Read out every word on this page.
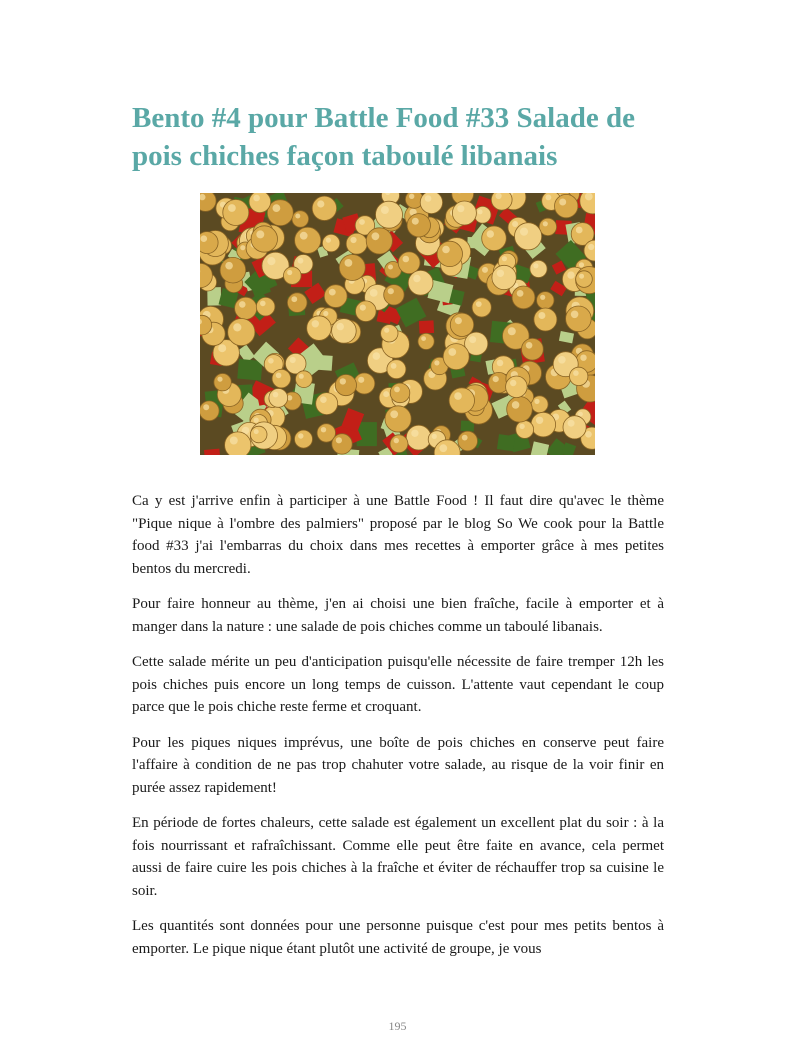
Bento #4 pour Battle Food #33 Salade de pois chiches façon taboulé libanais

Ca y est j'arrive enfin à participer à une Battle Food ! Il faut dire qu'avec le thème "Pique nique à l'ombre des palmiers" proposé par le blog So We cook pour la Battle food #33 j'ai l'embarras du choix dans mes recettes à emporter grâce à mes petites bentos du mercredi.

Pour faire honneur au thème, j'en ai choisi une bien fraîche, facile à emporter et à manger dans la nature : une salade de pois chiches comme un taboulé libanais.

Cette salade mérite un peu d'anticipation puisqu'elle nécessite de faire tremper 12h les pois chiches puis encore un long temps de cuisson. L'attente vaut cependant le coup parce que le pois chiche reste ferme et croquant.

Pour les piques niques imprévus, une boîte de pois chiches en conserve peut faire l'affaire à condition de ne pas trop chahuter votre salade, au risque de la voir finir en purée assez rapidement!

En période de fortes chaleurs, cette salade est également un excellent plat du soir : à la fois nourrissant et rafraîchissant. Comme elle peut être faite en avance, cela permet aussi de faire cuire les pois chiches à la fraîche et éviter de réchauffer trop sa cuisine le soir.

Les quantités sont données pour une personne puisque c'est pour mes petits bentos à emporter. Le pique nique étant plutôt une activité de groupe, je vous

195
